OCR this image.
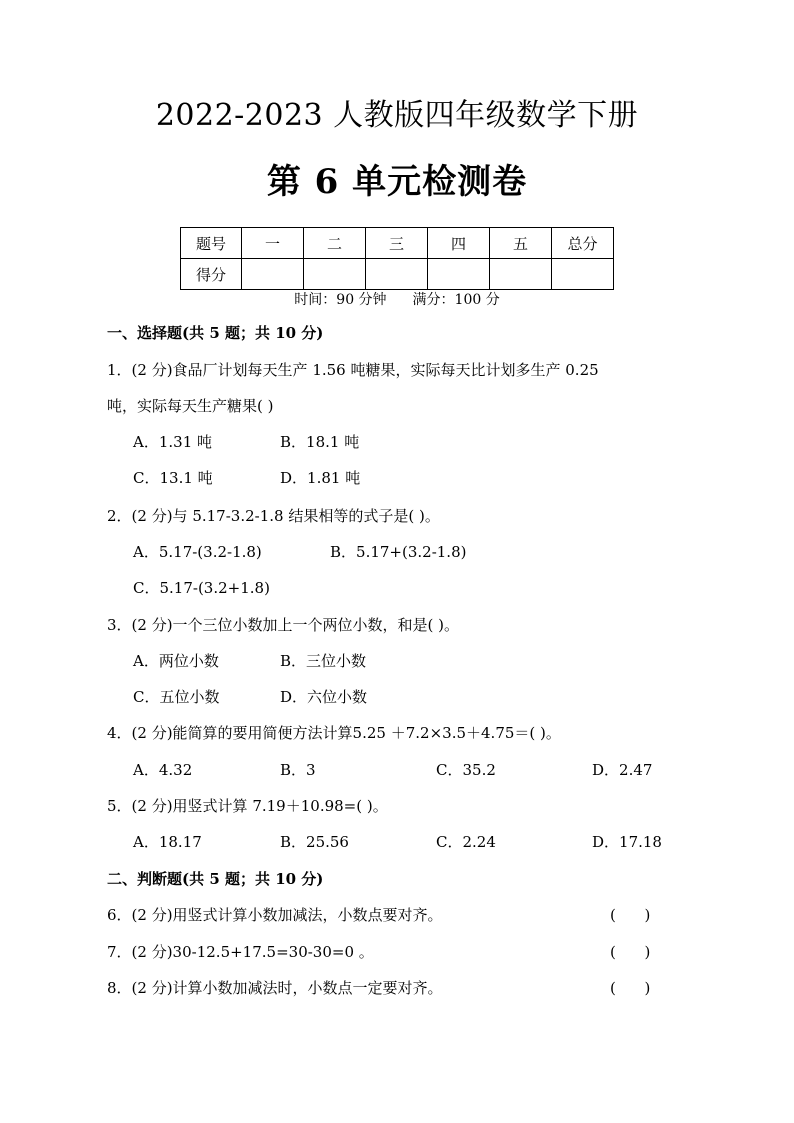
2022-2023 人教版四年级数学下册
第 6 单元检测卷
题号	一	二	三	四	五	总分
得分						
时间：90 分钟 满分：100 分
一、选择题(共 5 题；共 10 分)
1．(2 分)食品厂计划每天生产 1.56 吨糖果，实际每天比计划多生产 0.25
吨，实际每天生产糖果( )
A．1.31 吨	B．18.1 吨
C．13.1 吨	D．1.81 吨
2．(2 分)与 5.17-3.2-1.8 结果相等的式子是( )。
A．5.17-(3.2-1.8)	B．5.17+(3.2-1.8)
C．5.17-(3.2+1.8)
3．(2 分)一个三位小数加上一个两位小数，和是( )。
A．两位小数	B．三位小数
C．五位小数	D．六位小数
4．(2 分)能简算的要用简便方法计算5.25 ＋7.2×3.5＋4.75＝( )。
A．4.32	B．3	C．35.2	D．2.47
5．(2 分)用竖式计算 7.19＋10.98=( )。
A．18.17	B．25.56	C．2.24	D．17.18
二、判断题(共 5 题；共 10 分)
6．(2 分)用竖式计算小数加减法，小数点要对齐。	(      )
7．(2 分)30-12.5+17.5=30-30=0 。	(      )
8．(2 分)计算小数加减法时，小数点一定要对齐。	(      )
